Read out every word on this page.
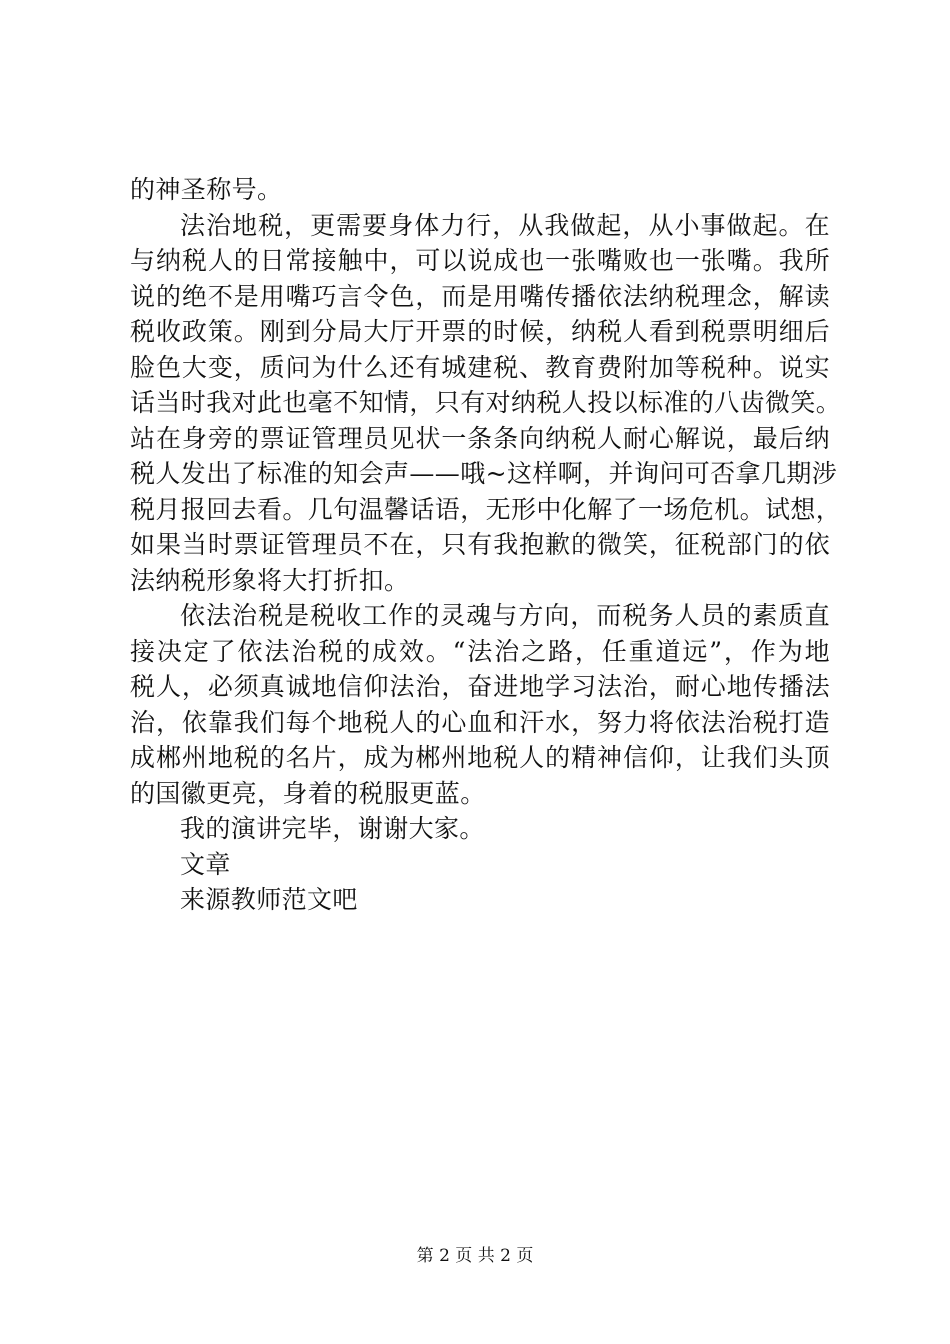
的神圣称号。
法治地税，更需要身体力行，从我做起，从小事做起。在
与纳税人的日常接触中，可以说成也一张嘴败也一张嘴。我所
说的绝不是用嘴巧言令色，而是用嘴传播依法纳税理念，解读
税收政策。刚到分局大厅开票的时候，纳税人看到税票明细后
脸色大变，质问为什么还有城建税、教育费附加等税种。说实
话当时我对此也毫不知情，只有对纳税人投以标准的八齿微笑。
站在身旁的票证管理员见状一条条向纳税人耐心解说，最后纳
税人发出了标准的知会声——哦~这样啊，并询问可否拿几期涉
税月报回去看。几句温馨话语，无形中化解了一场危机。试想，
如果当时票证管理员不在，只有我抱歉的微笑，征税部门的依
法纳税形象将大打折扣。
依法治税是税收工作的灵魂与方向，而税务人员的素质直
接决定了依法治税的成效。“法治之路，任重道远”，作为地
税人，必须真诚地信仰法治，奋进地学习法治，耐心地传播法
治，依靠我们每个地税人的心血和汗水，努力将依法治税打造
成郴州地税的名片，成为郴州地税人的精神信仰，让我们头顶
的国徽更亮，身着的税服更蓝。
我的演讲完毕，谢谢大家。
文章
来源教师范文吧
第 2 页 共 2 页
